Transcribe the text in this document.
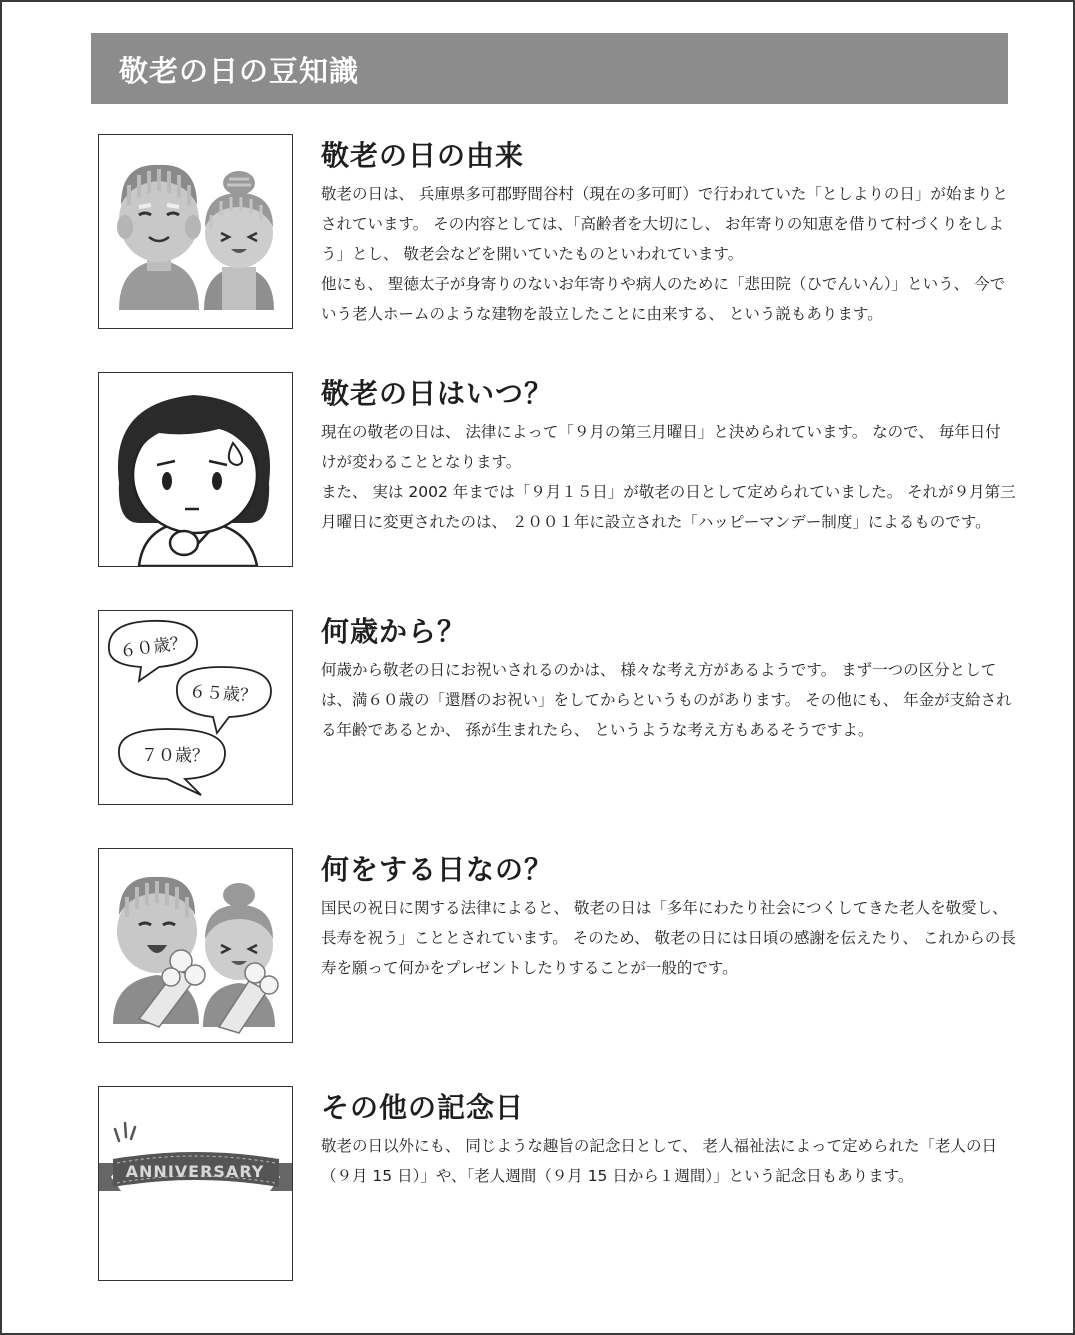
敬老の日の豆知識
敬老の日の由来

敬老の日は、 兵庫県多可郡野間谷村（現在の多可町）で行われていた「としよりの日」が始まりとされています。 その内容としては、「高齢者を大切にし、 お年寄りの知恵を借りて村づくりをしよう」とし、 敬老会などを開いていたものといわれています。

他にも、 聖徳太子が身寄りのないお年寄りや病人のために「悲田院（ひでんいん）」という、 今でいう老人ホームのような建物を設立したことに由来する、 という説もあります。

敬老の日はいつ？

現在の敬老の日は、 法律によって「９月の第三月曜日」と決められています。 なので、 毎年日付けが変わることとなります。

また、 実は 2002 年までは「９月１５日」が敬老の日として定められていました。 それが９月第三月曜日に変更されたのは、 ２００１年に設立された「ハッピーマンデー制度」によるものです。

６０歳？
６５歳？
７０歳？
何歳から？

何歳から敬老の日にお祝いされるのかは、 様々な考え方があるようです。 まず一つの区分としては、満６０歳の「還暦のお祝い」をしてからというものがあります。 その他にも、 年金が支給される年齢であるとか、 孫が生まれたら、 というような考え方もあるそうですよ。

何をする日なの？

国民の祝日に関する法律によると、 敬老の日は「多年にわたり社会につくしてきた老人を敬愛し、長寿を祝う」こととされています。 そのため、 敬老の日には日頃の感謝を伝えたり、 これからの長寿を願って何かをプレゼントしたりすることが一般的です。

ANNIVERSARY
その他の記念日

敬老の日以外にも、 同じような趣旨の記念日として、 老人福祉法によって定められた「老人の日（９月 15 日）」や、「老人週間（９月 15 日から１週間）」という記念日もあります。
